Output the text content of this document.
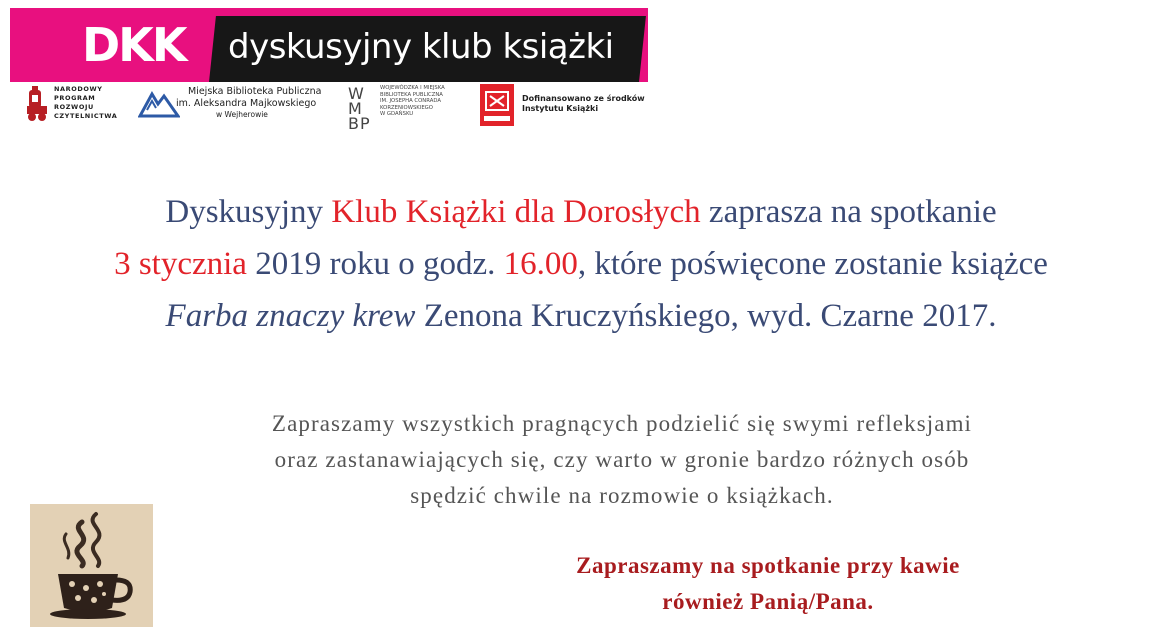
DKK dyskusyjny klub książki
NARODOWY
PROGRAM
ROZWOJU
CZYTELNICTWA
Miejska Biblioteka Publiczna
im. Aleksandra Majkowskiego
w Wejherowie
WM BP
WOJEWÓDZKA I MIEJSKA
BIBLIOTEKA PUBLICZNA
IM. JOSEPHA CONRADA
KORZENIOWSKIEGO
W GDAŃSKU
Dofinansowano ze środków
Instytutu Książki
Dyskusyjny Klub Książki dla Dorosłych zaprasza na spotkanie
3 stycznia 2019 roku o godz. 16.00, które poświęcone zostanie książce
Farba znaczy krew Zenona Kruczyńskiego, wyd. Czarne 2017.
Zapraszamy wszystkich pragnących podzielić się swymi refleksjami
oraz zastanawiających się, czy warto w gronie bardzo różnych osób
spędzić chwile na rozmowie o książkach.
Zapraszamy na spotkanie przy kawie
również Panią/Pana.
